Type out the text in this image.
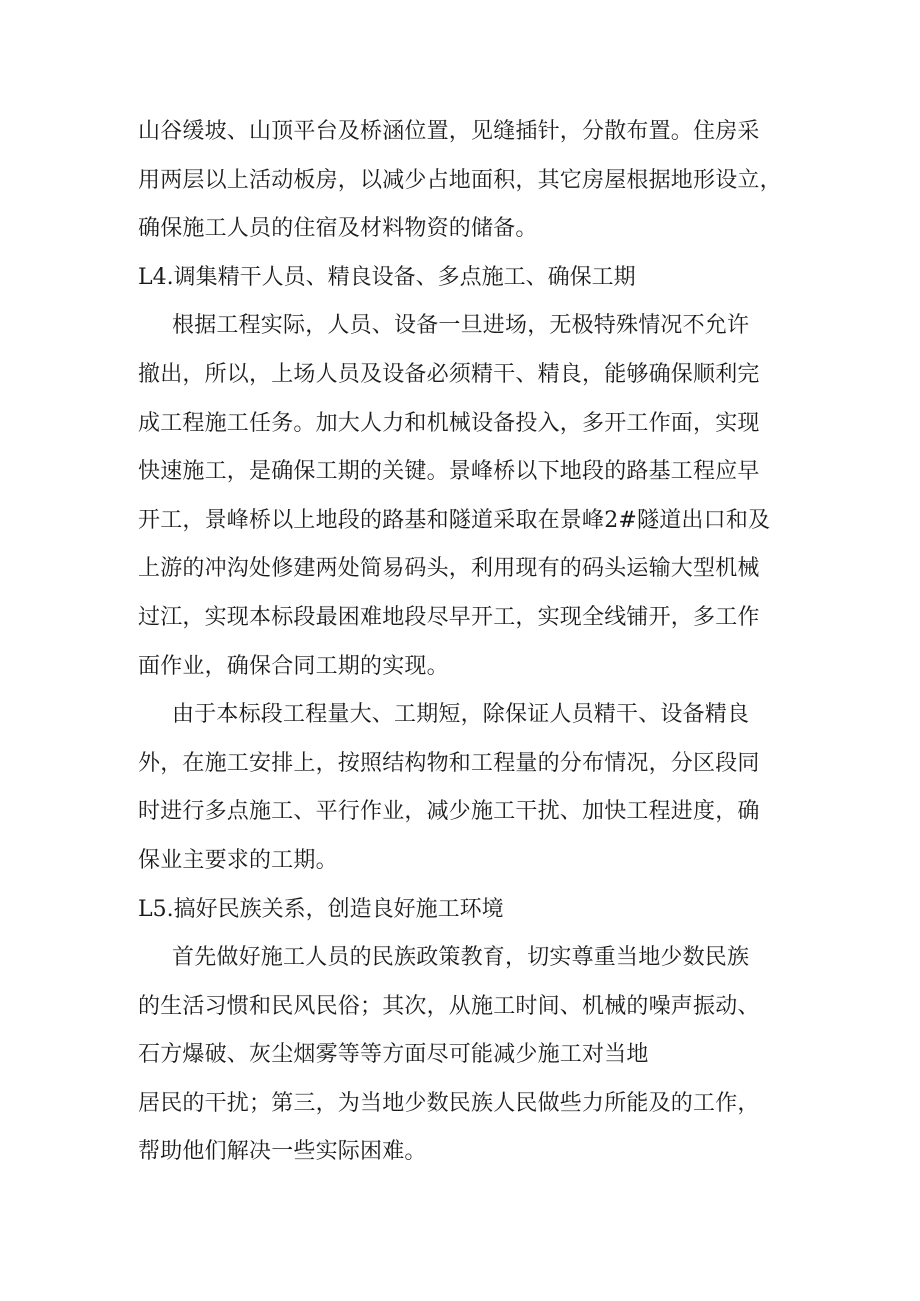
山谷缓坡、山顶平台及桥涵位置，见缝插针，分散布置。住房采
用两层以上活动板房，以减少占地面积，其它房屋根据地形设立，
确保施工人员的住宿及材料物资的储备。
L4.调集精干人员、精良设备、多点施工、确保工期
根据工程实际，人员、设备一旦进场，无极特殊情况不允许
撤出，所以，上场人员及设备必须精干、精良，能够确保顺利完
成工程施工任务。加大人力和机械设备投入，多开工作面，实现
快速施工，是确保工期的关键。景峰桥以下地段的路基工程应早
开工，景峰桥以上地段的路基和隧道采取在景峰2#隧道出口和及
上游的冲沟处修建两处简易码头，利用现有的码头运输大型机械
过江，实现本标段最困难地段尽早开工，实现全线铺开，多工作
面作业，确保合同工期的实现。
由于本标段工程量大、工期短，除保证人员精干、设备精良
外，在施工安排上，按照结构物和工程量的分布情况，分区段同
时进行多点施工、平行作业，减少施工干扰、加快工程进度，确
保业主要求的工期。
L5.搞好民族关系，创造良好施工环境
首先做好施工人员的民族政策教育，切实尊重当地少数民族
的生活习惯和民风民俗；其次，从施工时间、机械的噪声振动、
石方爆破、灰尘烟雾等等方面尽可能减少施工对当地
居民的干扰；第三，为当地少数民族人民做些力所能及的工作，
帮助他们解决一些实际困难。
